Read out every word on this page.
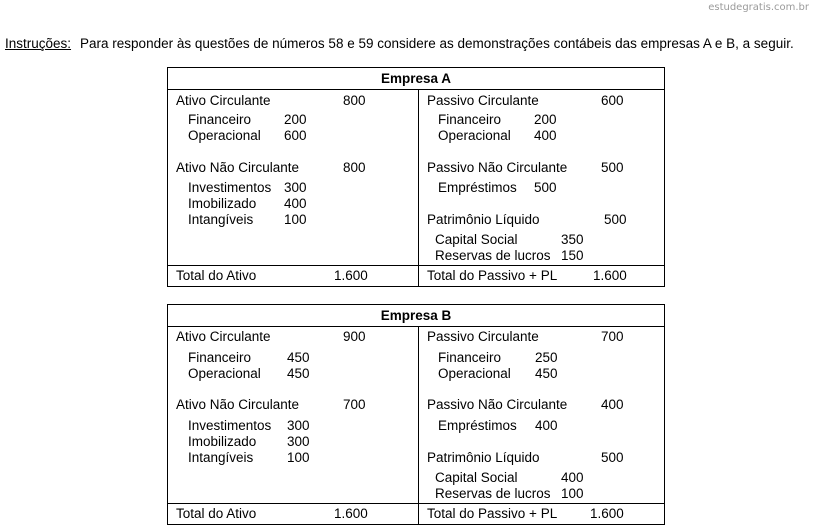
estudegratis.com.br
Instruções: Para responder às questões de números 58 e 59 considere as demonstrações contábeis das empresas A e B, a seguir.
Empresa A
Ativo Circulante	800
Financeiro 200
Operacional 600
Ativo Não Circulante	800
Investimentos 300
Imobilizado 400
Intangíveis 100
Passivo Circulante	600
Financeiro 200
Operacional 400
Passivo Não Circulante 500
Empréstimos 500
Patrimônio Líquido	500
Capital Social	350
Reservas de lucros 150
Total do Ativo	1.600	Total do Passivo + PL	1.600
Empresa B
Ativo Circulante	900
Financeiro	450
Operacional 450
Ativo Não Circulante	700
Investimentos 300
Imobilizado 300
Intangíveis 100
Passivo Circulante	700
Financeiro	250
Operacional 450
Passivo Não Circulante 400
Empréstimos 400
Patrimônio Líquido	500
Capital Social	400
Reservas de lucros 100
Total do Ativo	1.600	Total do Passivo + PL 1.600
